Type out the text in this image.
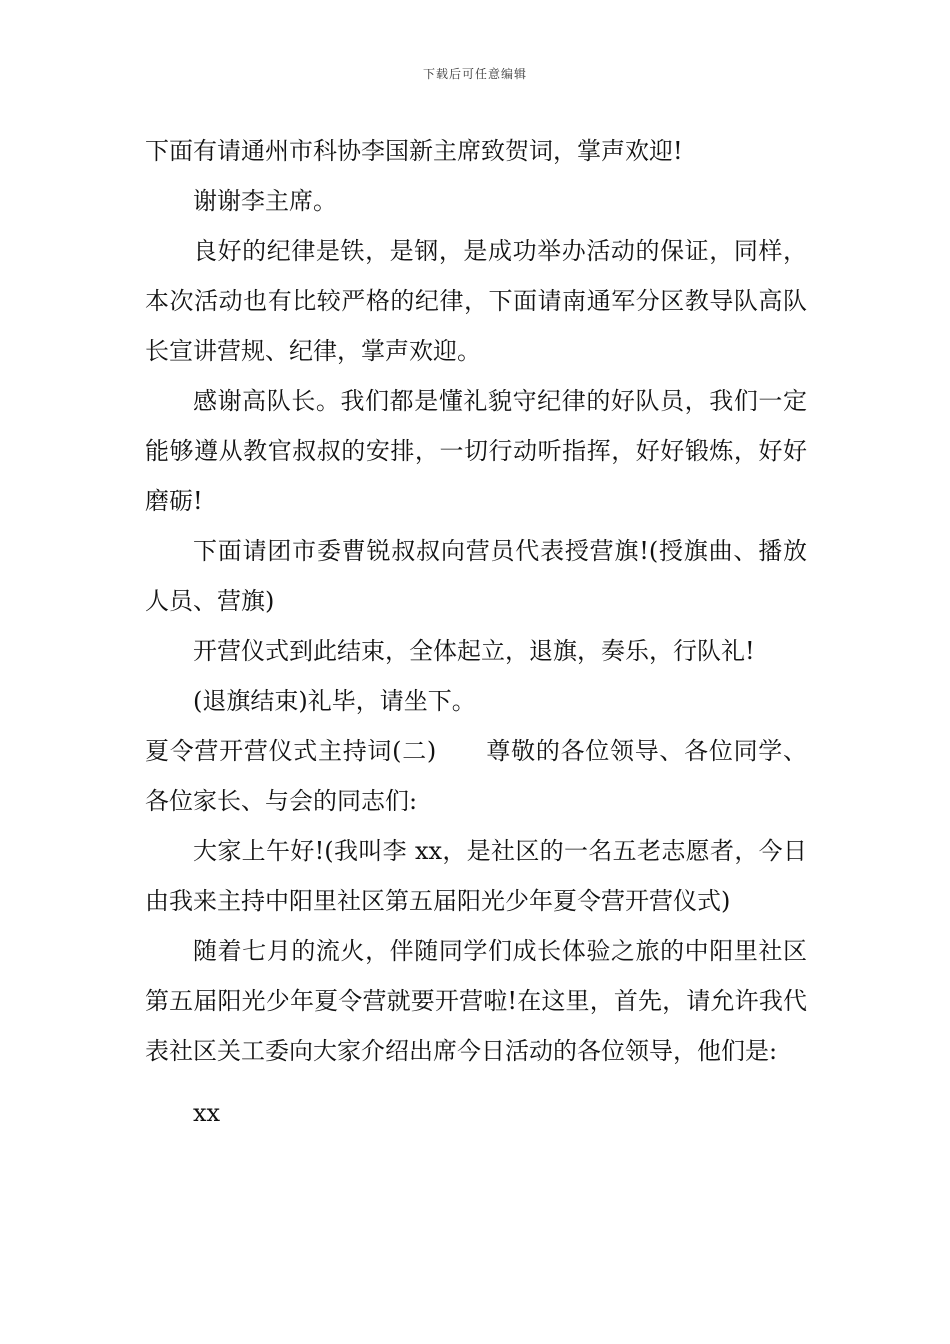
下载后可任意编辑

下面有请通州市科协李国新主席致贺词，掌声欢迎!

谢谢李主席。

良好的纪律是铁，是钢，是成功举办活动的保证，同样，本次活动也有比较严格的纪律，下面请南通军分区教导队高队长宣讲营规、纪律，掌声欢迎。

感谢高队长。我们都是懂礼貌守纪律的好队员，我们一定能够遵从教官叔叔的安排，一切行动听指挥，好好锻炼，好好磨砺!

下面请团市委曹锐叔叔向营员代表授营旗!(授旗曲、播放人员、营旗)

开营仪式到此结束，全体起立，退旗，奏乐，行队礼!

(退旗结束)礼毕，请坐下。

夏令营开营仪式主持词(二)　　尊敬的各位领导、各位同学、各位家长、与会的同志们:

大家上午好!(我叫李 xx，是社区的一名五老志愿者，今日由我来主持中阳里社区第五届阳光少年夏令营开营仪式)

随着七月的流火，伴随同学们成长体验之旅的中阳里社区第五届阳光少年夏令营就要开营啦!在这里，首先，请允许我代表社区关工委向大家介绍出席今日活动的各位领导，他们是:

xx
